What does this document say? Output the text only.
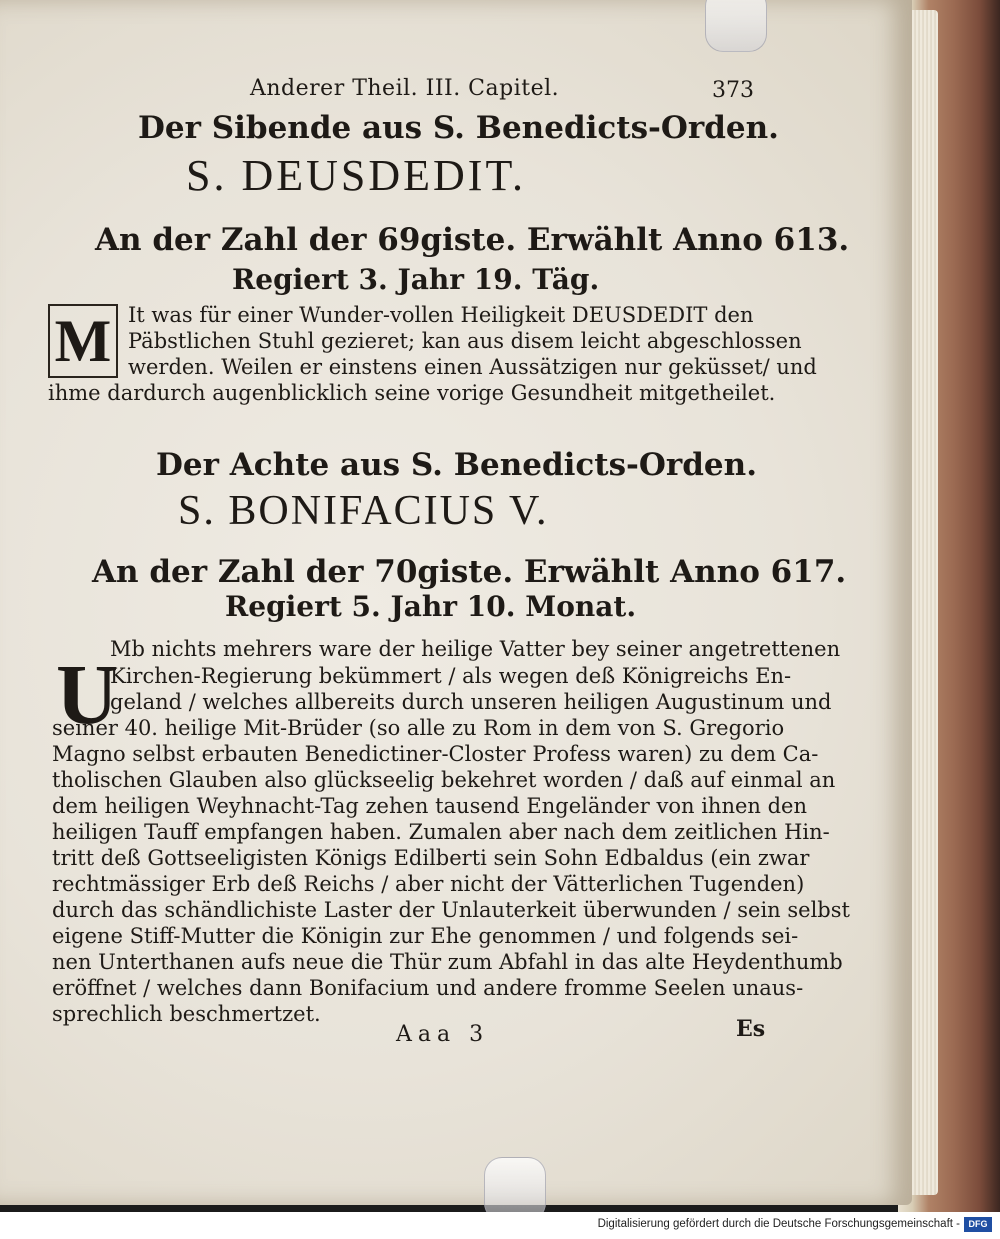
Anderer Theil. III. Capitel.	373
Der Sibende aus S. Benedicts-Orden.
S. DEUSDEDIT.
An der Zahl der 69giste. Erwählt Anno 613.
Regiert 3. Jahr 19. Täg.
M It was für einer Wunder-vollen Heiligkeit DEUSDEDIT den
Päbstlichen Stuhl gezieret; kan aus disem leicht abgeschlossen
werden. Weilen er einstens einen Aussätzigen nur geküsset/ und
ihme dardurch augenblicklich seine vorige Gesundheit mitgetheilet.
Der Achte aus S. Benedicts-Orden.
S. BONIFACIUS V.
An der Zahl der 70giste. Erwählt Anno 617.
Regiert 5. Jahr 10. Monat.
U
Mb nichts mehrers ware der heilige Vatter bey seiner angetrettenen
Kirchen-Regierung bekümmert / als wegen deß Königreichs En-
geland / welches allbereits durch unseren heiligen Augustinum und
seiner 40. heilige Mit-Brüder (so alle zu Rom in dem von S. Gregorio
Magno selbst erbauten Benedictiner-Closter Profess waren) zu dem Ca-
tholischen Glauben also glückseelig bekehret worden / daß auf einmal an
dem heiligen Weyhnacht-Tag zehen tausend Engeländer von ihnen den
heiligen Tauff empfangen haben. Zumalen aber nach dem zeitlichen Hin-
tritt deß Gottseeligisten Königs Edilberti sein Sohn Edbaldus (ein zwar
rechtmässiger Erb deß Reichs / aber nicht der Vätterlichen Tugenden)
durch das schändlichiste Laster der Unlauterkeit überwunden / sein selbst
eigene Stiff-Mutter die Königin zur Ehe genommen / und folgends sei-
nen Unterthanen aufs neue die Thür zum Abfahl in das alte Heydenthumb
eröffnet / welches dann Bonifacium und andere fromme Seelen unaus-
sprechlich beschmertzet.
Aaa 3	Es
Digitalisierung gefördert durch die Deutsche Forschungsgemeinschaft - DFG
